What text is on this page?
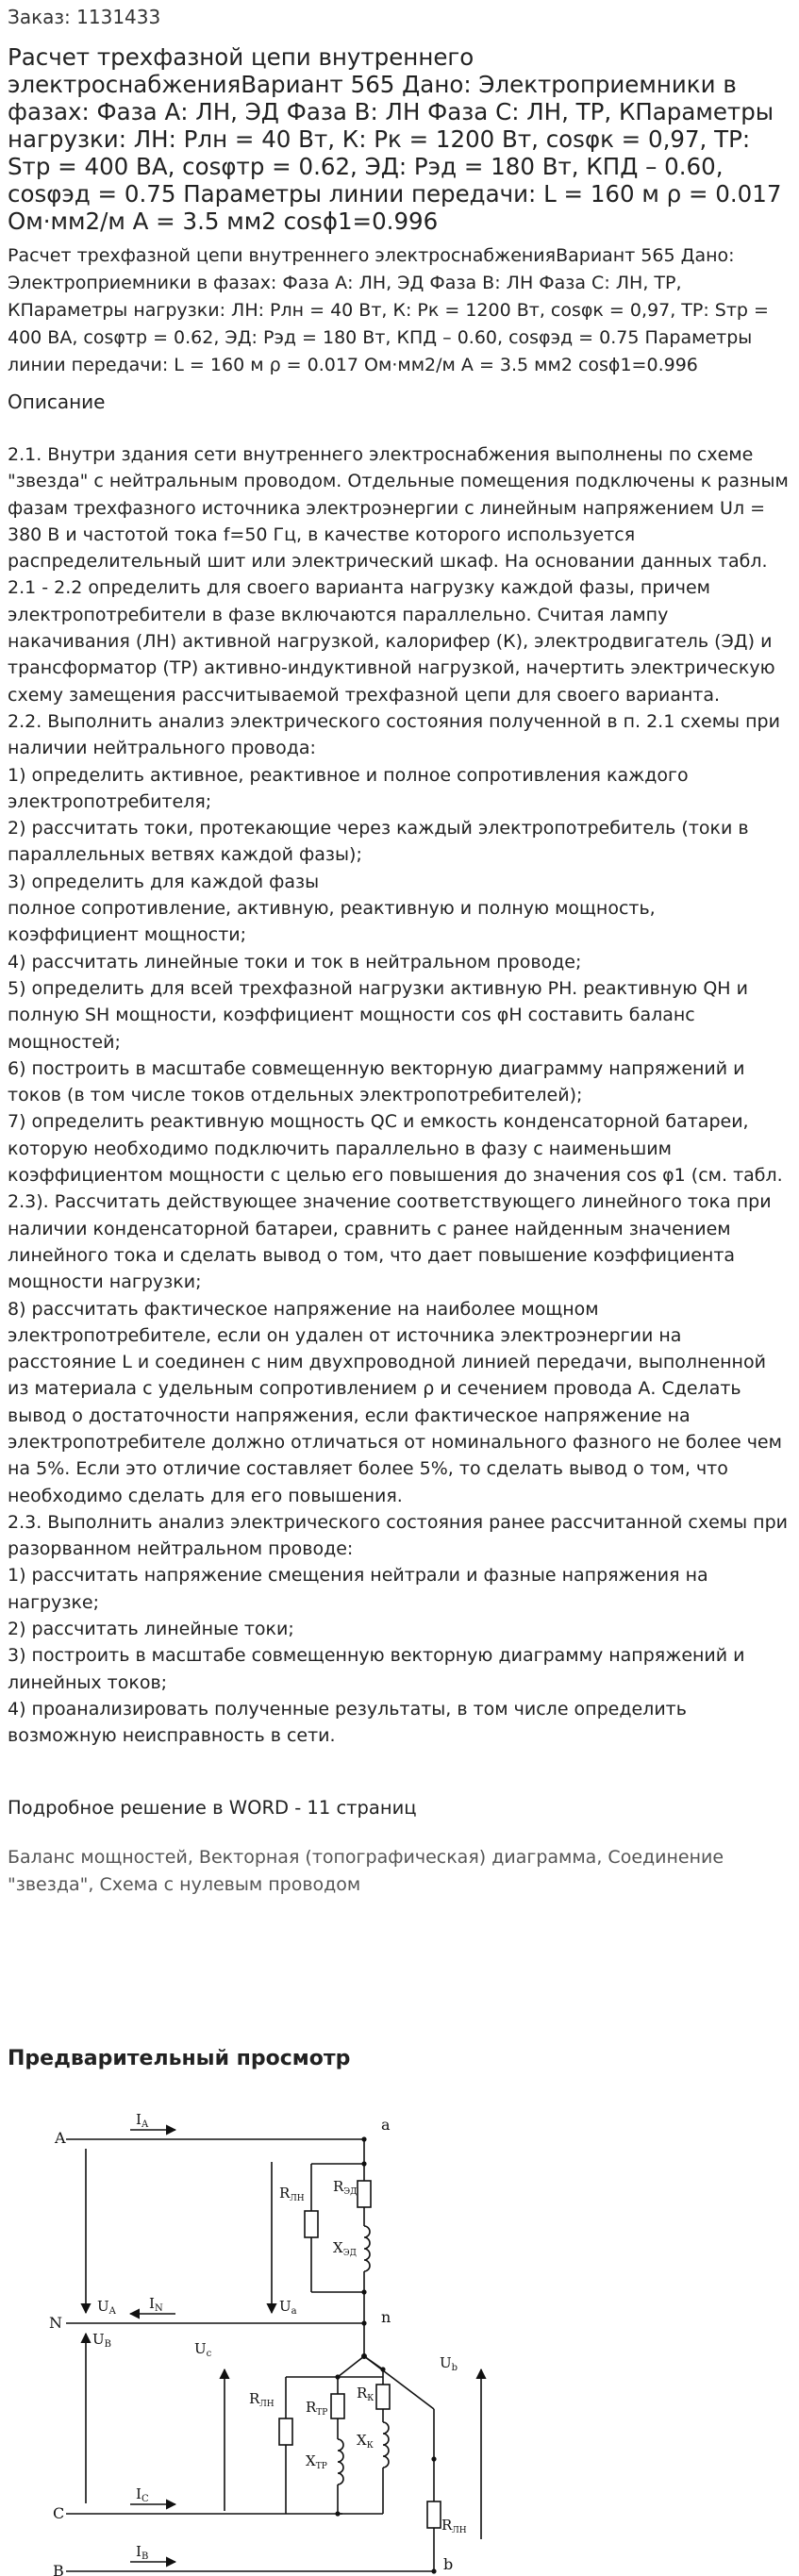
Заказ: 1131433
Расчет трехфазной цепи внутреннего электроснабженияВариант 565 Дано: Электроприемники в фазах: Фаза А: ЛН, ЭД Фаза В: ЛН Фаза С: ЛН, ТР, КПараметры нагрузки: ЛН: Pлн = 40 Вт, К: Pк = 1200 Вт, cosφк = 0,97, ТР: Sтр = 400 ВА, cosφтр = 0.62, ЭД: Pэд = 180 Вт, КПД – 0.60, cosφэд = 0.75 Параметры линии передачи: L = 160 м ρ = 0.017 Ом·мм2/м A = 3.5 мм2 cosϕ1=0.996
Расчет трехфазной цепи внутреннего электроснабженияВариант 565 Дано: Электроприемники в фазах: Фаза А: ЛН, ЭД Фаза В: ЛН Фаза С: ЛН, ТР, КПараметры нагрузки: ЛН: Pлн = 40 Вт, К: Pк = 1200 Вт, cosφк = 0,97, ТР: Sтр = 400 ВА, cosφтр = 0.62, ЭД: Pэд = 180 Вт, КПД – 0.60, cosφэд = 0.75 Параметры линии передачи: L = 160 м ρ = 0.017 Ом·мм2/м A = 3.5 мм2 cosϕ1=0.996
Описание
2.1. Внутри здания сети внутреннего электроснабжения выполнены по схеме "звезда" с нейтральным проводом. Отдельные помещения подключены к разным фазам трехфазного источника электроэнергии с линейным напряжением Uл = 380 В и частотой тока f=50 Гц, в качестве которого используется распределительный шит или электрический шкаф. На основании данных табл. 2.1 - 2.2 определить для своего варианта нагрузку каждой фазы, причем электропотребители в фазе включаются параллельно. Считая лампу накачивания (ЛН) активной нагрузкой, калорифер (К), электродвигатель (ЭД) и трансформатор (ТР) активно-индуктивной нагрузкой, начертить электрическую схему замещения рассчитываемой трехфазной цепи для своего варианта.
2.2. Выполнить анализ электрического состояния полученной в п. 2.1 схемы при наличии нейтрального провода:
1) определить активное, реактивное и полное сопротивления каждого электропотребителя;
2) рассчитать токи, протекающие через каждый электропотребитель (токи в параллельных ветвях каждой фазы);
3) определить для каждой фазы
полное сопротивление, активную, реактивную и полную мощность, коэффициент мощности;
4) рассчитать линейные токи и ток в нейтральном проводе;
5) определить для всей трехфазной нагрузки активную PH. реактивную QH и полную SH мощности, коэффициент мощности cos φH составить баланс мощностей;
6) построить в масштабе совмещенную векторную диаграмму напряжений и токов (в том числе токов отдельных электропотребителей);
7) определить реактивную мощность QC и емкость конденсаторной батареи, которую необходимо подключить параллельно в фазу с наименьшим коэффициентом мощности с целью его повышения до значения cos φ1 (см. табл. 2.3). Рассчитать действующее значение соответствующего линейного тока при наличии конденсаторной батареи, сравнить с ранее найденным значением линейного тока и сделать вывод о том, что дает повышение коэффициента мощности нагрузки;
8) рассчитать фактическое напряжение на наиболее мощном электропотребителе, если он удален от источника электроэнергии на расстояние L и соединен с ним двухпроводной линией передачи, выполненной из материала с удельным сопротивлением ρ и сечением провода А. Сделать вывод о достаточности напряжения, если фактическое напряжение на электропотребителе должно отличаться от номинального фазного не более чем на 5%. Если это отличие составляет более 5%, то сделать вывод о том, что необходимо сделать для его повышения.
2.3. Выполнить анализ электрического состояния ранее рассчитанной схемы при разорванном нейтральном проводе:
1) рассчитать напряжение смещения нейтрали и фазные напряжения на нагрузке;
2) рассчитать линейные токи;
3) построить в масштабе совмещенную векторную диаграмму напряжений и линейных токов;
4) проанализировать полученные результаты, в том числе определить возможную неисправность в сети.
Подробное решение в WORD - 11 страниц
Баланс мощностей, Векторная (топографическая) диаграмма, Соединение "звезда", Схема с нулевым проводом
Предварительный просмотр
A
N
C
B
a
n
b
$I_A$
$I_N$
$I_C$
$I_B$
$U_A$	$U_a$
$U_B$	$U_c$
$U_b$
$R_{ЛН}$
$R_{ЭД}$
$X_{ЭД}$
$R_{ЛН}$ $R_{ТР}$
$X_{ТР}$
$R_К$
$X_К$
$R_{ЛН}$
